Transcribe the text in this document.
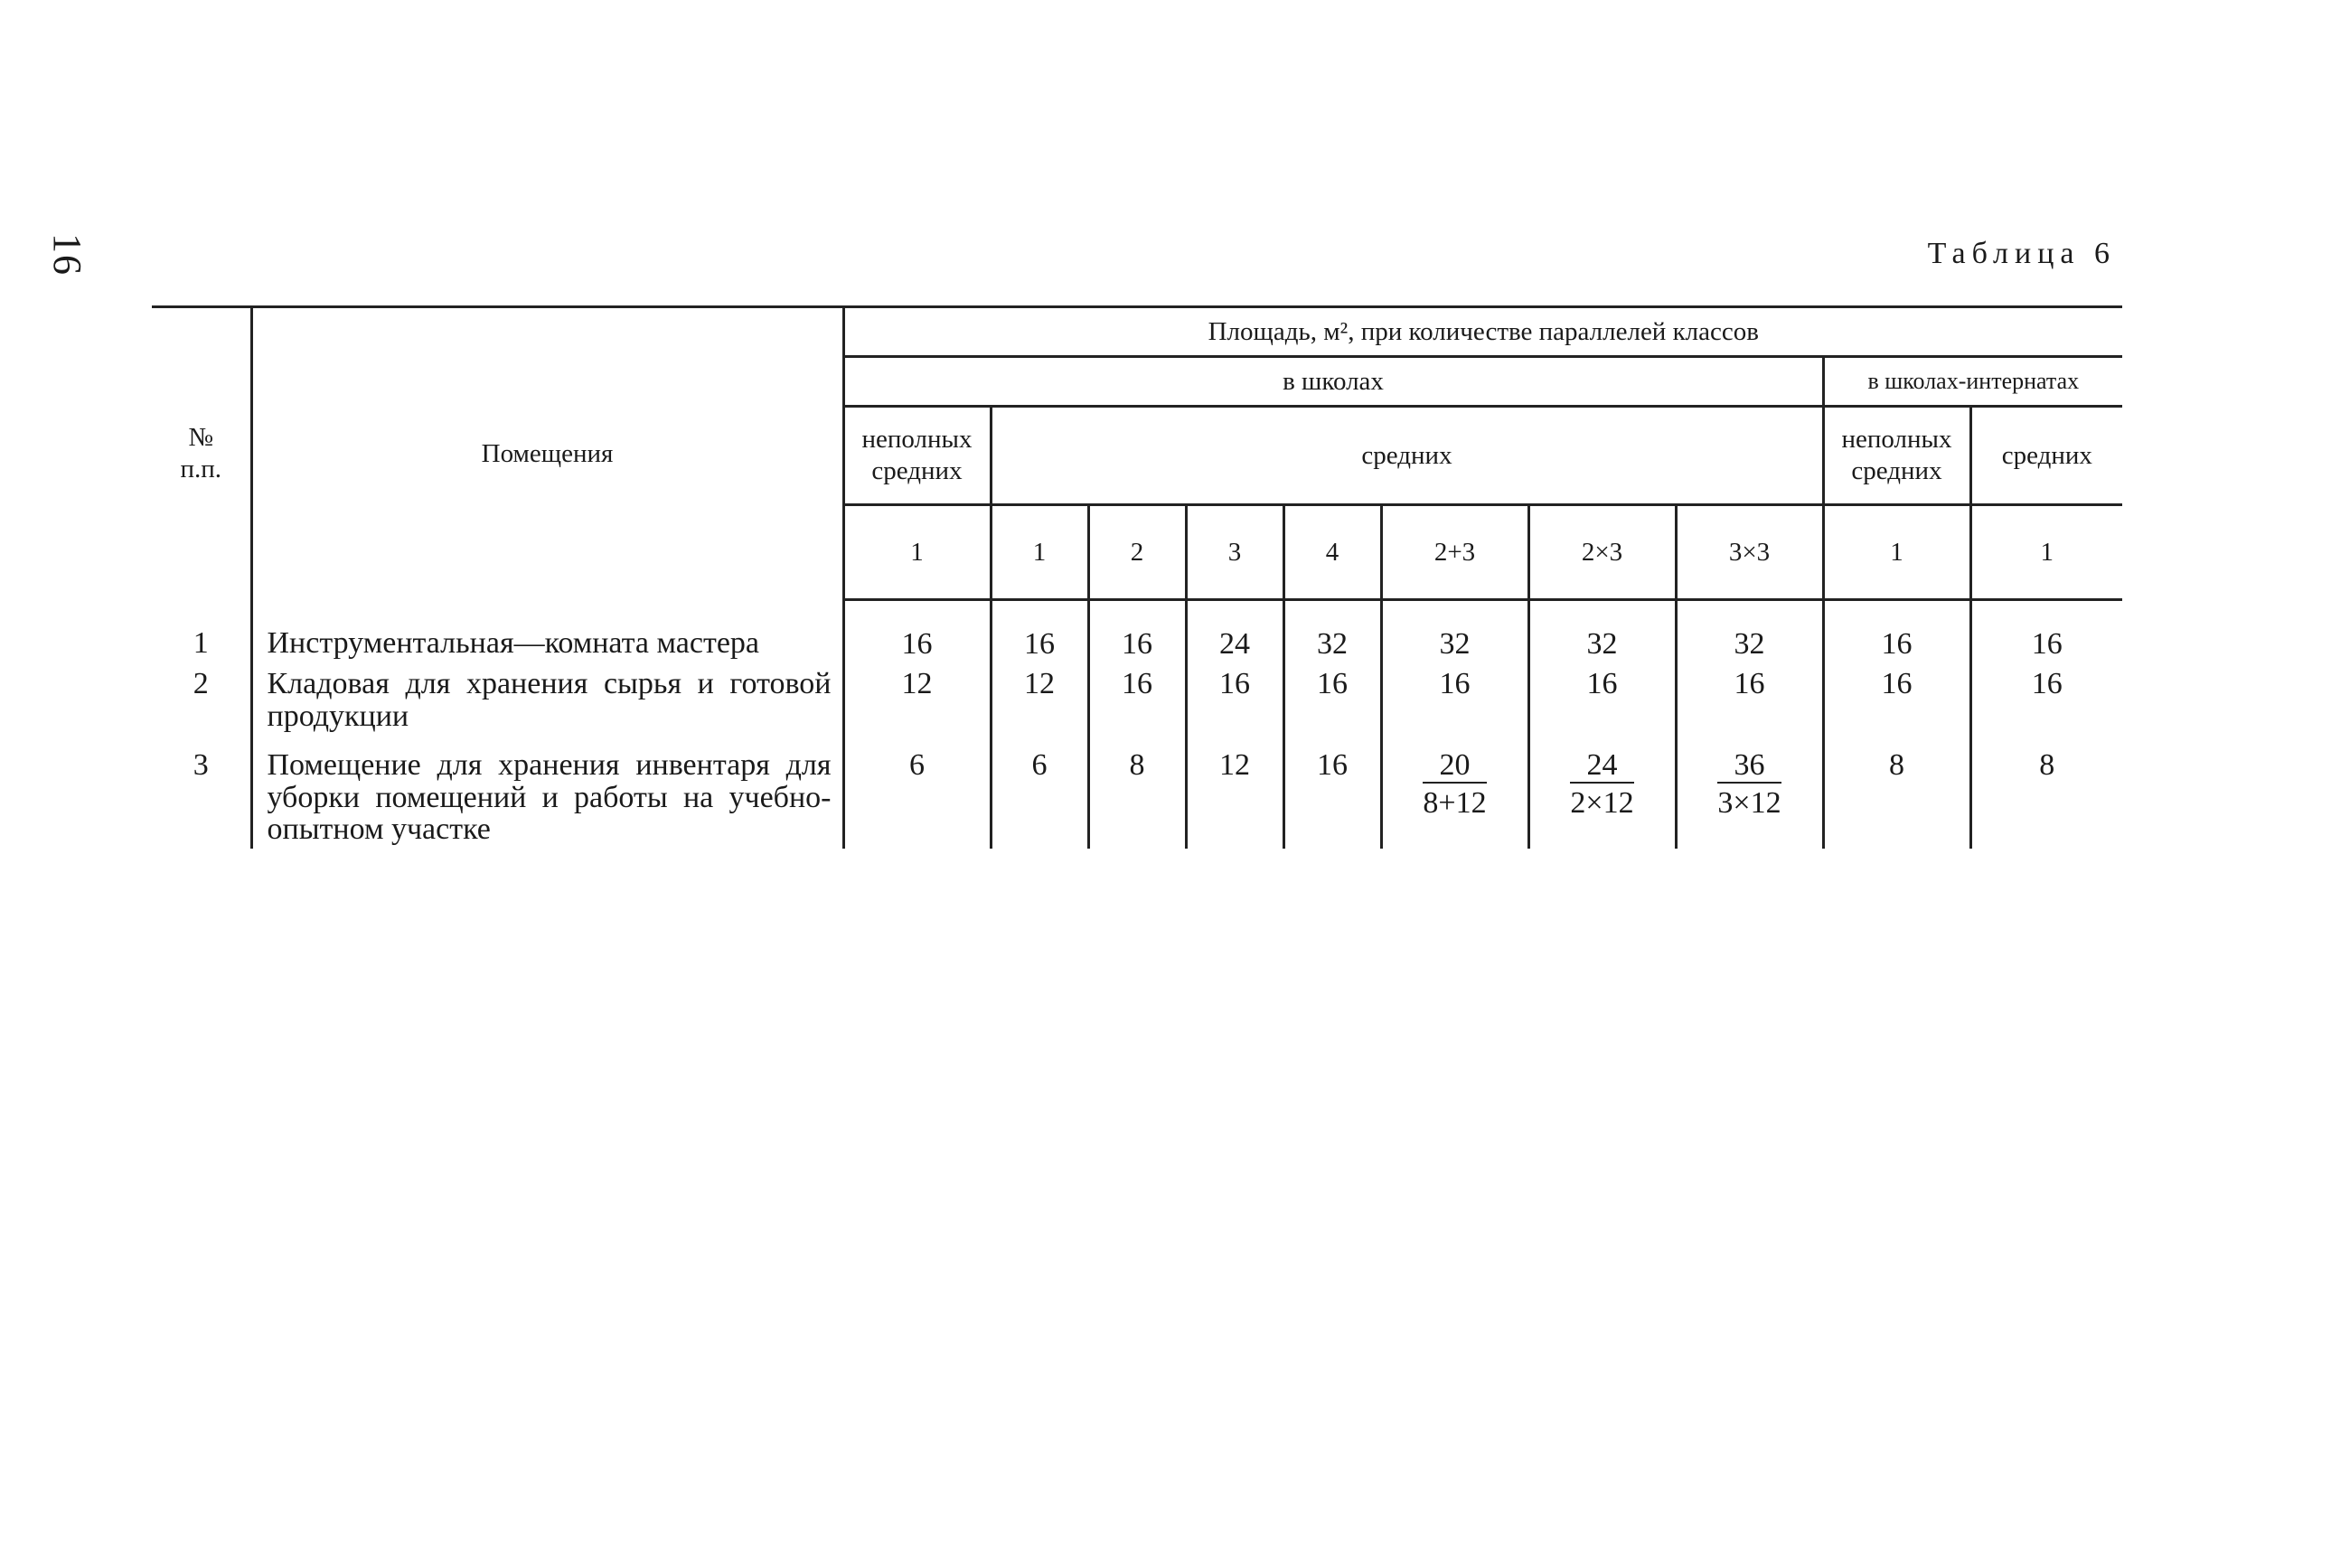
16	Таблица 6
№
п.п.	Помещения	Площадь, м², при количестве параллелей классов									
		в школах								в школах-интернатах	
		неполных средних	средних							неполных средних	средних
		1	1	2	3	4	2+3	2×3	3×3	1	1
1	Инструментальная—комната мастера	16	16	16	24	32	32	32	32	16	16
2	Кладовая для хранения сырья и готовой продукции	12	12	16	16	16	16	16	16	16	16
3	Помещение для хранения инвентаря для уборки помещений и работы на учебно-опытном участке	6	6	8	12	16	$\frac{20}{8+12}$	$\frac{24}{2\times 12}$	$\frac{36}{3\times 12}$	8	8
